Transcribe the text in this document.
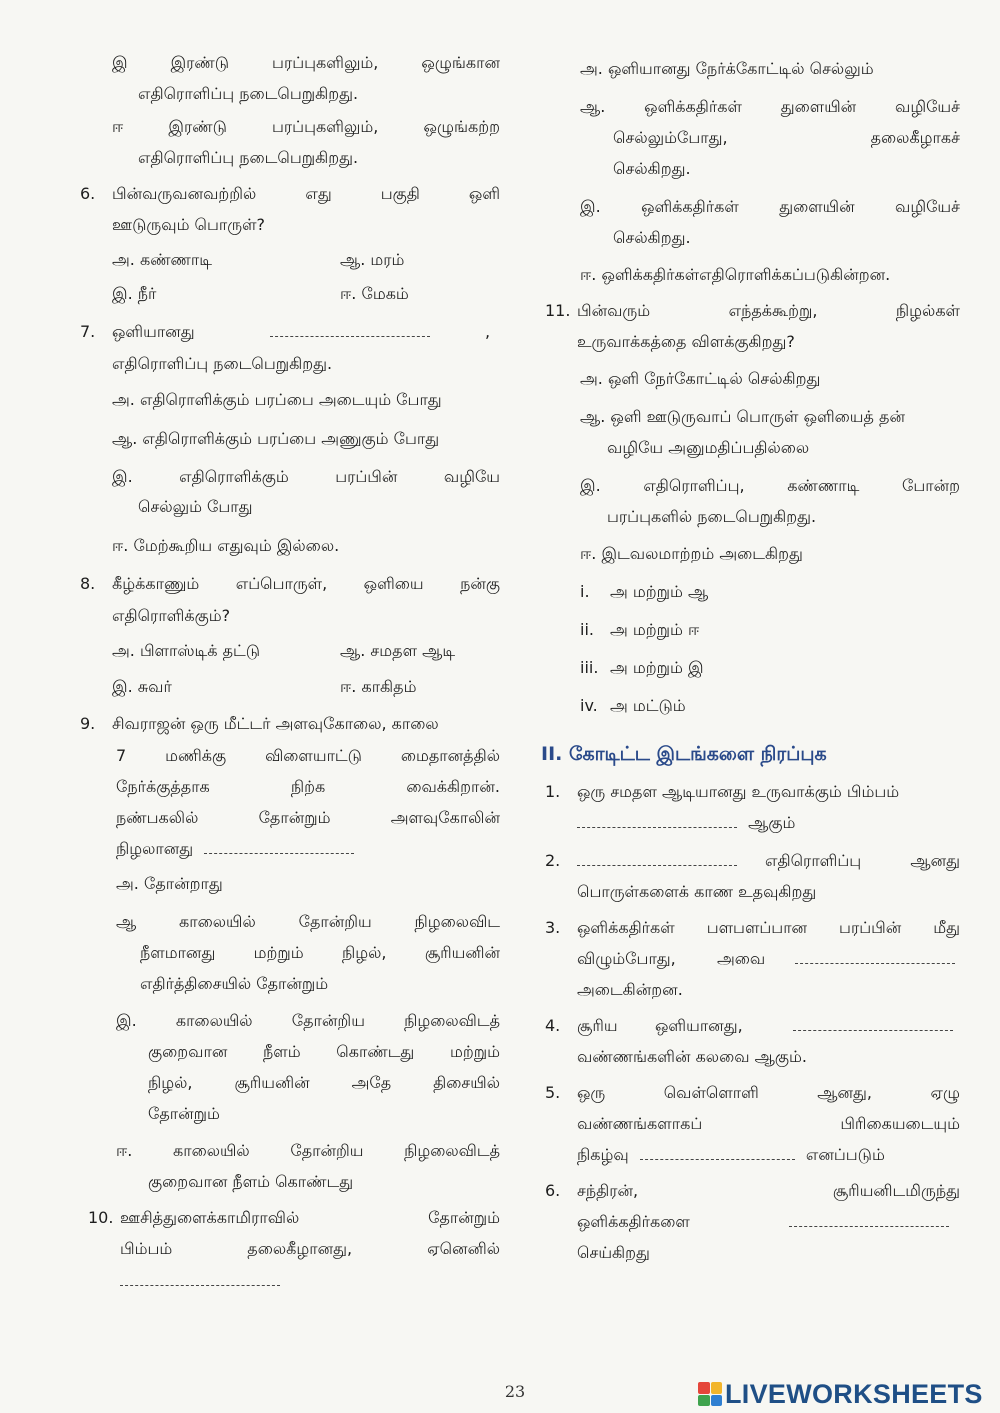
இ	இரண்டு	பரப்புகளிலும்,	ஒழுங்கான

எதிரொளிப்பு நடைபெறுகிறது.

ஈ	இரண்டு	பரப்புகளிலும்,	ஒழுங்கற்ற

எதிரொளிப்பு நடைபெறுகிறது.

6.	பின்வருவனவற்றில்	எது	பகுதி	ஒளி

ஊடுருவும் பொருள்?

அ. கண்ணாடி	ஆ. மரம்

இ. நீர்	ஈ. மேகம்

7.	ஒளியானது	,

எதிரொளிப்பு நடைபெறுகிறது.

அ. எதிரொளிக்கும் பரப்பை அடையும் போது

ஆ. எதிரொளிக்கும் பரப்பை அணுகும் போது

இ. எதிரொளிக்கும்	பரப்பின்	வழியே

செல்லும் போது

ஈ. மேற்கூறிய எதுவும் இல்லை.

8.	கீழ்க்காணும் எப்பொருள், ஒளியை நன்கு

எதிரொளிக்கும்?

அ. பிளாஸ்டிக் தட்டு	ஆ. சமதள ஆடி

இ. சுவர்	ஈ. காகிதம்

9.	சிவராஜன் ஒரு மீட்டர் அளவுகோலை, காலை
7 மணிக்கு விளையாட்டு மைதானத்தில்
நேர்க்குத்தாக	நிற்க	வைக்கிறான்.
நண்பகலில்	தோன்றும்	அளவுகோலின்
நிழலானது

அ. தோன்றாது

ஆ காலையில்	தோன்றிய	நிழலைவிட
நீளமானது மற்றும் நிழல், சூரியனின்

எதிர்த்திசையில் தோன்றும்

இ. காலையில் தோன்றிய நிழலைவிடத்
குறைவான நீளம் கொண்டது மற்றும்
நிழல்,	சூரியனின்	அதே	திசையில்

தோன்றும்

ஈ. காலையில்	தோன்றிய	நிழலைவிடத்

குறைவான நீளம் கொண்டது

10. ஊசித்துளைக்காமிராவில்	தோன்றும்
பிம்பம்	தலைகீழானது,	ஏனெனில்

அ. ஒளியானது நேர்க்கோட்டில் செல்லும்

ஆ. ஒளிக்கதிர்கள் துளையின் வழியேச்
செல்லும்போது,	தலைகீழாகச்

செல்கிறது.

இ. ஒளிக்கதிர்கள்	துளையின்	வழியேச்

செல்கிறது.

ஈ. ஒளிக்கதிர்கள்எதிரொளிக்கப்படுகின்றன.

11. பின்வரும்	எந்தக்கூற்று,	நிழல்கள்

உருவாக்கத்தை விளக்குகிறது?

அ. ஒளி நேர்கோட்டில் செல்கிறது

ஆ. ஒளி ஊடுருவாப் பொருள் ஒளியைத் தன்

வழியே அனுமதிப்பதில்லை

இ. எதிரொளிப்பு,	கண்ணாடி	போன்ற

பரப்புகளில் நடைபெறுகிறது.

ஈ. இடவலமாற்றம் அடைகிறது

i.	அ மற்றும் ஆ
ii.	அ மற்றும் ஈ
iii. அ மற்றும் இ
iv. அ மட்டும்

II. கோடிட்ட இடங்களை நிரப்புக

1.	ஒரு சமதள ஆடியானது உருவாக்கும் பிம்பம்
ஆகும்
2.	எதிரொளிப்பு	ஆனது

பொருள்களைக் காண உதவுகிறது

3.	ஒளிக்கதிர்கள் பளபளப்பான பரப்பின் மீது
விழும்போது,	அவை

அடைகின்றன.

4.	சூரிய	ஒளியானது,

வண்ணங்களின் கலவை ஆகும்.

5.	ஒரு	வெள்ளொளி	ஆனது,	ஏழு
வண்ணங்களாகப்	பிரிகையடையும்
நிகழ்வு	எனப்படும்
6.	சந்திரன்,	சூரியனிடமிருந்து
ஒளிக்கதிர்களை

செய்கிறது

23	LIVEWORKSHEETS
